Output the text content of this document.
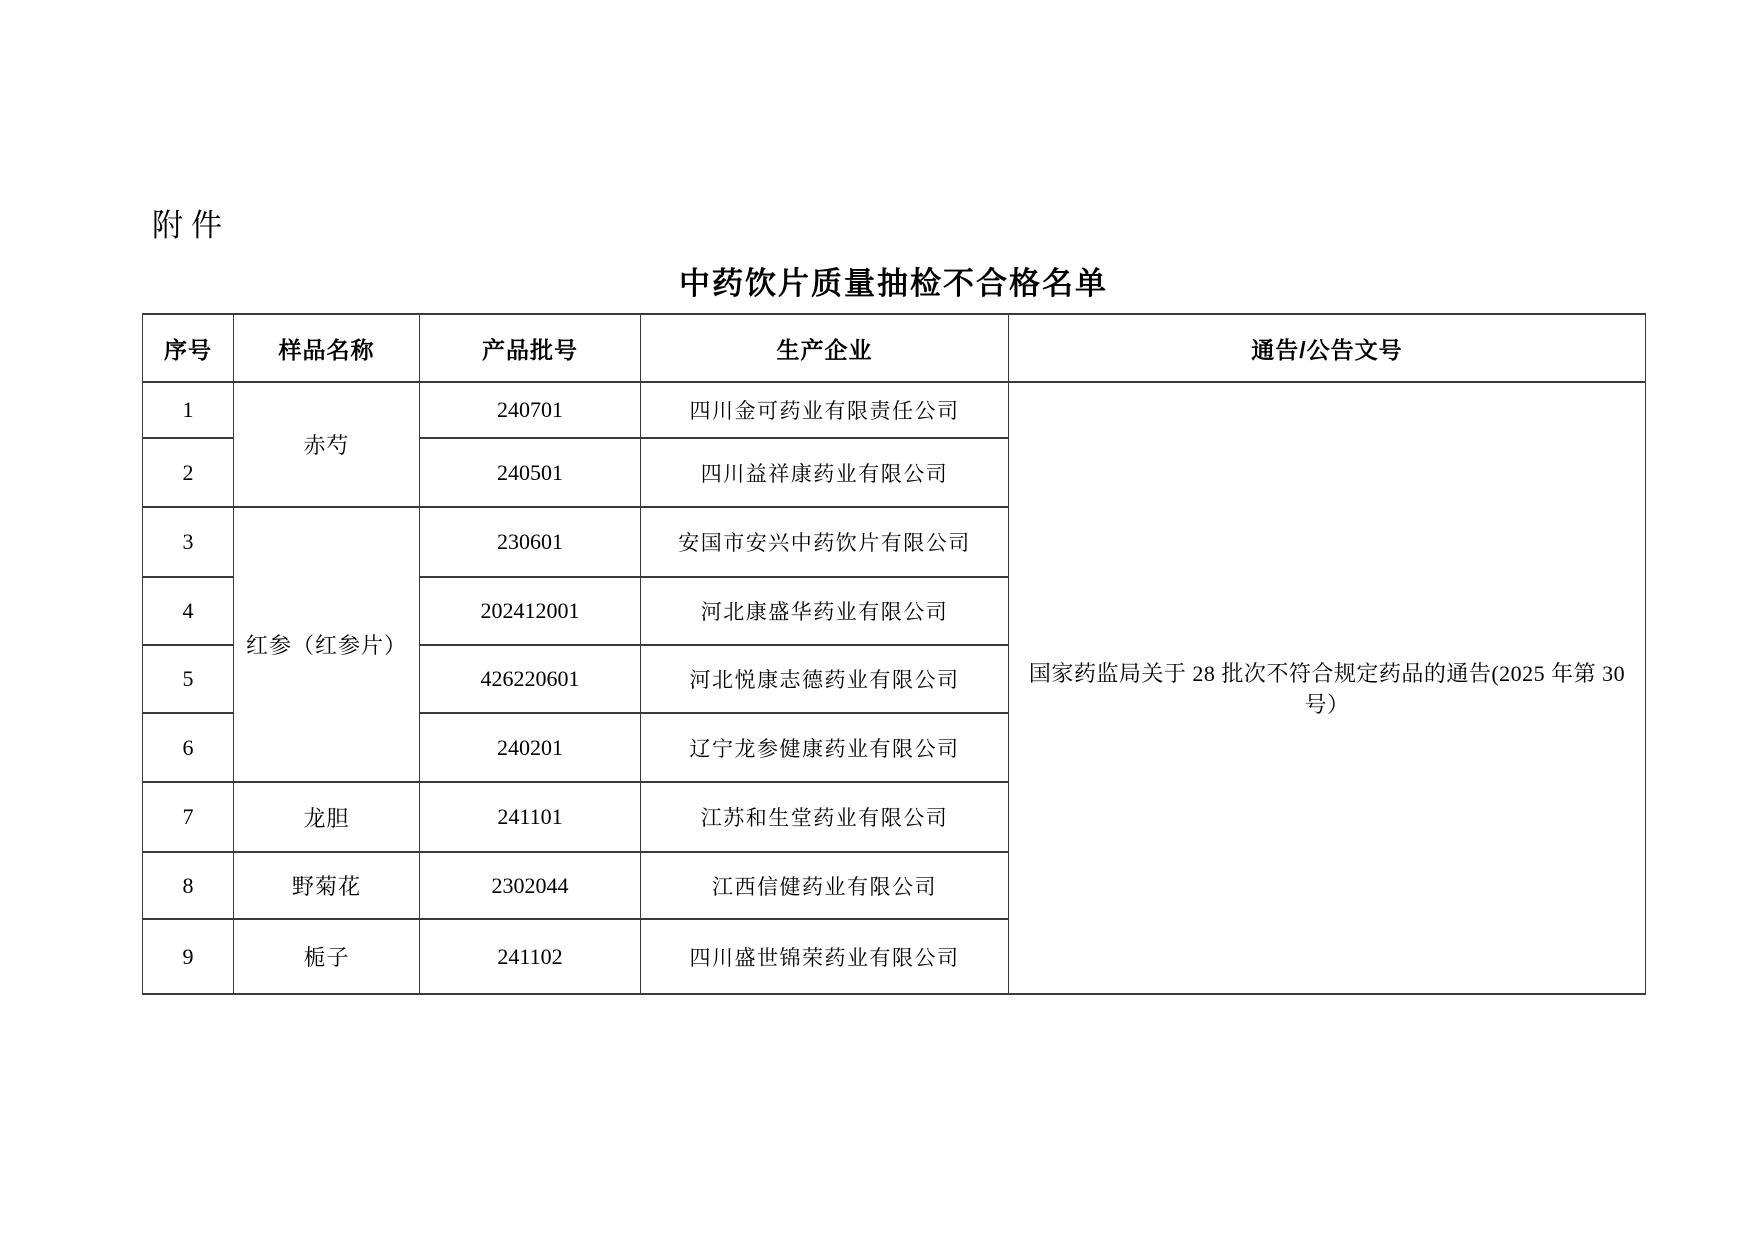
附件
中药饮片质量抽检不合格名单
序号	样品名称	产品批号	生产企业	通告/公告文号
1	赤芍	240701	四川金可药业有限责任公司	国家药监局关于 28 批次不符合规定药品的通告(2025 年第 30 号）
2		240501	四川益祥康药业有限公司	
3	红参（红参片）	230601	安国市安兴中药饮片有限公司	
4		202412001	河北康盛华药业有限公司	
5		426220601	河北悦康志德药业有限公司	
6		240201	辽宁龙参健康药业有限公司	
7	龙胆	241101	江苏和生堂药业有限公司	
8	野菊花	2302044	江西信健药业有限公司	
9	栀子	241102	四川盛世锦荣药业有限公司	
